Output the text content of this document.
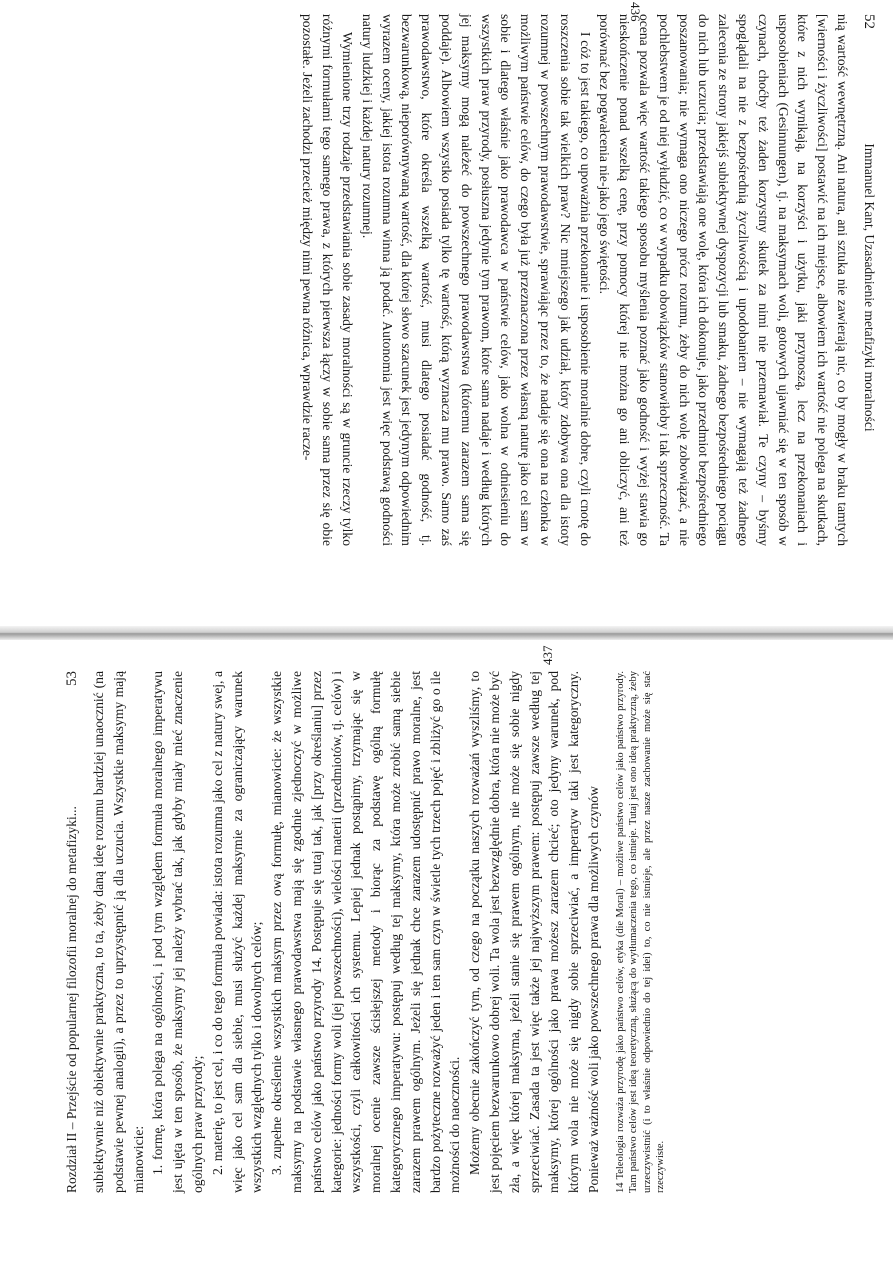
52
Immanuel Kant, Uzasadnienie metafizyki moralności

nią wartość wewnętrzną. Ani natura, ani sztuka nie zawierają nic, co by mogły w braku tamtych [wierności i życzliwości] postawić na ich miejsce, albowiem ich wartość nie polega na skutkach, które z nich wynikają, na korzyści i użytku, jaki przynoszą, lecz na przekonaniach i usposobieniach (Gesinnungen), tj. na maksymach woli, gotowych ujawniać się w ten sposób w czynach, choćby też żaden korzystny skutek za nimi nie przemawiał. Te czyny – byśmy spoglądali na nie z bezpośrednią życzliwością i upodobaniem – nie wymagają też żadnego zalecenia ze strony jakiejś subiektywnej dyspozycji lub smaku, żadnego bezpośredniego pociągu do nich lub uczucia; przedstawiają one wolę, która ich dokonuje, jako przedmiot bezpośredniego poszanowania; nie wymaga ono niczego prócz rozumu, żeby do nich wolę zobowiązać, a nie pochlebstwem je od niej wyłudzić, co w wypadku obowiązków stanowiłoby i tak sprzeczność. Ta ocena pozwala więc wartość takiego sposobu myślenia poznać jako godność i wyżej stawia go nieskończenie ponad wszelką cenę, przy pomocy której nie można go ani obliczyć, ani też porównać bez pogwałcenia nie-jako jego świętości.

I cóż to jest takiego, co upoważnia przekonanie i usposobienie moralnie dobre, czyli cnotę do roszczenia sobie tak wielkich praw? Nic mniejszego jak udział, który zdobywa ona dla istoty rozumnej w powszechnym prawodawstwie, sprawiając przez to, że nadaje się ona na członka w możliwym państwie celów, do czego była już przeznaczona przez własną naturę jako cel sam w sobie i dlatego właśnie jako prawodawca w państwie celów, jako wolna w odniesieniu do wszystkich praw przyrody, posłuszna jedynie tym prawom, które sama nadaje i według których jej maksymy mogą należeć do powszechnego prawodawstwa (któremu zarazem sama się poddaje). Albowiem wszystko posiada tylko tę wartość, którą wyznacza mu prawo. Samo zaś prawodawstwo, które określa wszelką wartość, musi dlatego posiadać godność, tj. bezwarunkową, nieporównywaną wartość, dla której słowo szacunek jest jedynym odpowiednim wyrazem oceny, jakiej istota rozumna winna ją podać. Autonomia jest więc podstawą godności natury ludzkiej i każdej natury rozumnej.

Wymienione trzy rodzaje przedstawiania sobie zasady moralności są w gruncie rzeczy tylko różnymi formułami tego samego prawa, z których pierwsza łączy w sobie sama przez się obie pozostałe. Jeżeli zachodzi przecież między nimi pewna różnica, wprawdzie racze-

436
Rozdział II – Przejście od popularnej filozofii moralnej do metafizyki...
53 subiektywnie niż obiektywnie praktyczna, to ta, żeby daną ideę rozumu bardziej unaocznić (na podstawie pewnej analogii), a przez to uprzystępnić ją dla uczucia. Wszystkie maksymy mają mianowicie: 1. formę, która polega na ogólności, i pod tym względem formuła moralnego imperatywu jest ujęta w ten sposób, że maksymy jej należy wybrać tak, jak gdyby miały mieć znaczenie ogólnych praw przyrody; 2. materię, to jest cel, i co do tego formuła powiada: istota rozumna jako cel z natury swej, a więc jako cel sam dla siebie, musi służyć każdej maksymie za ograniczający warunek wszystkich względnych tylko i dowolnych celów; 3. zupełne określenie wszystkich maksym przez ową formułę, mianowicie: że wszystkie maksymy na podstawie własnego prawodawstwa mają się zgodnie zjednoczyć w możliwe państwo celów jako państwo przyrody 14. Postępuje się tutaj tak, jak [przy określaniu] przez kategorie: jedności formy woli (jej powszechności), wielości materii (przedmiotów, tj. celów) i wszystkości, czyli całkowitości ich systemu. Lepiej jednak postąpimy, trzymając się w moralnej ocenie zawsze ścisłejszej metody i biorąc za podstawę ogólną formułę kategorycznego imperatywu: postępuj według tej maksymy, która może zrobić samą siebie zarazem prawem ogólnym. Jeżeli się jednak chce zarazem udostępnić prawo moralne, jest bardzo pożyteczne rozważyć jeden i ten sam czyn w świetle tych trzech pojęć i zbliżyć go o ile możności do naoczności. Możemy obecnie zakończyć tym, od czego na początku naszych rozważań wyszliśmy, to jest pojęciem bezwarunkowo dobrej woli. Ta wola jest bezwzględnie dobra, która nie może być zła, a więc której maksyma, jeżeli stanie się prawem ogólnym, nie może się sobie nigdy sprzeciwiać. Zasada ta jest więc także jej najwyższym prawem: postępuj zawsze według tej maksymy, której ogólności jako prawa możesz zarazem chcieć; oto jedyny warunek, pod którym wola nie może się nigdy sobie sprzeciwiać, a imperatyw taki jest kategoryczny. Ponieważ ważność woli jako powszechnego prawa dla możliwych czynów 14 Teleologia rozważa przyrodę jako państwo celów, etyka (die Moral) – możliwe państwo celów jako państwo przyrody. Tam państwo celów jest ideą teoretyczną, służącą do wytłumaczenia tego, co istnieje. Tutaj jest ono ideą praktyczną, żeby urzeczywistnić (i to właśnie odpowiednio do tej idei) to, co nie istnieje, ale przez nasze zachowanie może się stać rzeczywiste.
437
